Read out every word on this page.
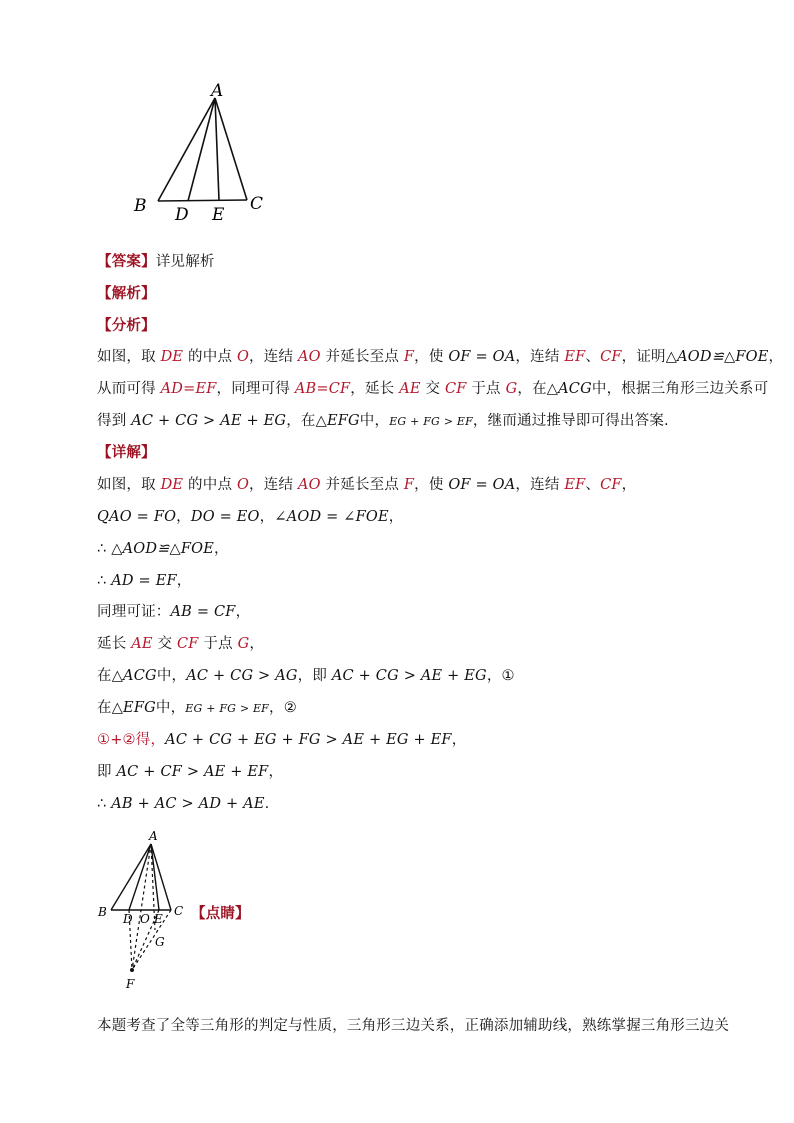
A
B D E
C
【答案】详见解析
【解析】
【分析】
如图，取 DE 的中点 O，连结 AO 并延长至点 F，使 OF = OA，连结 EF、CF，证明△AOD≌△FOE，
从而可得 AD=EF，同理可得 AB=CF，延长 AE 交 CF 于点 G，在△ACG中，根据三角形三边关系可
得到 AC + CG > AE + EG，在△EFG中，EG + FG > EF，继而通过推导即可得出答案.
【详解】
如图，取 DE 的中点 O，连结 AO 并延长至点 F，使 OF = OA，连结 EF、CF，
QAO = FO，DO = EO，∠AOD = ∠FOE，
∴ △AOD≌△FOE，
∴ AD = EF，
同理可证：AB = CF，
延长 AE 交 CF 于点 G，
在△ACG中，AC + CG > AG，即 AC + CG > AE + EG，①
在△EFG中，EG + FG > EF，②
①+②得，AC + CG + EG + FG > AE + EG + EF，
即 AC + CF > AE + EF，
∴ AB + AC > AD + AE.
A
B D O E
C
G
F
【点睛】
本题考查了全等三角形的判定与性质，三角形三边关系，正确添加辅助线，熟练掌握三角形三边关
